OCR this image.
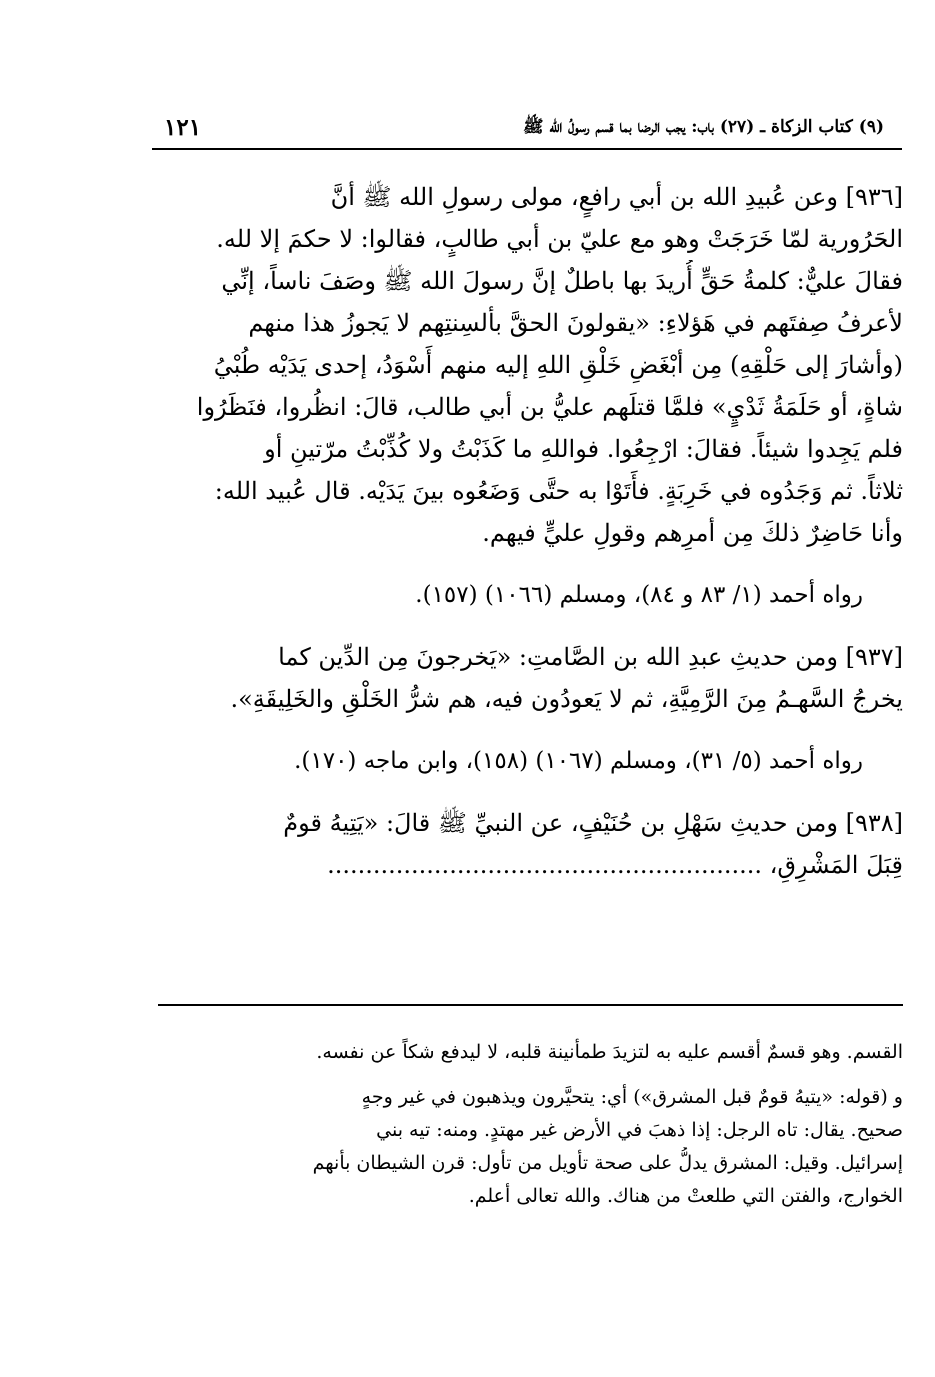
١٢١	(٩) كتاب الزكاة ـ (٢٧) باب: يجب الرضا بما قسم رسولُ الله ﷺ
[٩٣٦] وعن عُبيدِ الله بن أبي رافعٍ، مولى رسولِ الله ﷺ أنَّ
الحَرُورية لمّا خَرَجَتْ وهو مع عليّ بن أبي طالبٍ، فقالوا: لا حكمَ إلا لله.
فقالَ عليٌّ: كلمةُ حَقٍّ أُريدَ بها باطلٌ إنَّ رسولَ الله ﷺ وصَفَ ناساً، إنِّي
لأعرفُ صِفتَهم في هَؤلاءِ: «يقولونَ الحقَّ بألسِنتِهم لا يَجوزُ هذا منهم
(وأشارَ إلى حَلْقِهِ) مِن أبْغَضِ خَلْقِ اللهِ إليه منهم أَسْوَدُ، إحدى يَدَيْه طُبْيُ
شاةٍ، أو حَلَمَةُ ثَدْيٍ» فلمَّا قتلَهم عليُّ بن أبي طالب، قالَ: انظُروا، فنَظَرُوا
فلم يَجِدوا شيئاً. فقالَ: ارْجِعُوا. فواللهِ ما كَذَبْتُ ولا كُذِّبْتُ مرّتينِ أو
ثلاثاً. ثم وَجَدُوه في خَرِبَةٍ. فأَتَوْا به حتَّى وَضَعُوه بينَ يَدَيْه. قال عُبيد الله:
وأنا حَاضِرٌ ذلكَ مِن أمرِهم وقولِ عليٍّ فيهم.
رواه أحمد (١/ ٨٣ و ٨٤)، ومسلم (١٠٦٦) (١٥٧).
[٩٣٧] ومن حديثِ عبدِ الله بن الصَّامتِ: «يَخرجونَ مِن الدِّين كما
يخرجُ السَّهـمُ مِنَ الرَّمِيَّةِ، ثم لا يَعودُون فيه، هم شرُّ الخَلْقِ والخَلِيقَةِ».
رواه أحمد (٥/ ٣١)، ومسلم (١٠٦٧) (١٥٨)، وابن ماجه (١٧٠).
[٩٣٨] ومن حديثِ سَهْلِ بن حُنَيْفٍ، عن النبيِّ ﷺ قالَ: «يَتِيهُ قومٌ
قِبَلَ المَشْرِقِ، .........................................................
القسم. وهو قسمٌ أقسم عليه به لتزيدَ طمأنينة قلبه، لا ليدفع شكاً عن نفسه.
و (قوله: «يتيهُ قومٌ قبل المشرق») أي: يتحيَّرون ويذهبون في غير وجهٍ
صحيح. يقال: تاه الرجل: إذا ذهبَ في الأرض غير مهتدٍ. ومنه: تيه بني
إسرائيل. وقيل: المشرق يدلُّ على صحة تأويل من تأول: قرن الشيطان بأنهم
الخوارج، والفتن التي طلعتْ من هناك. والله تعالى أعلم.
